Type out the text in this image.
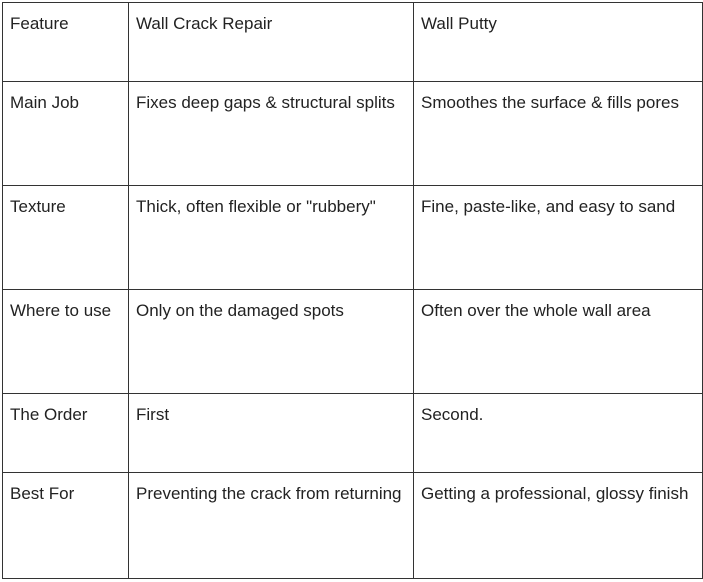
Feature	Wall Crack Repair	Wall Putty
Main Job	Fixes deep gaps & structural splits	Smoothes the surface & fills pores
Texture	Thick, often flexible or "rubbery"	Fine, paste-like, and easy to sand
Where to use	Only on the damaged spots	Often over the whole wall area
The Order	First	Second.
Best For	Preventing the crack from returning	Getting a professional, glossy finish
